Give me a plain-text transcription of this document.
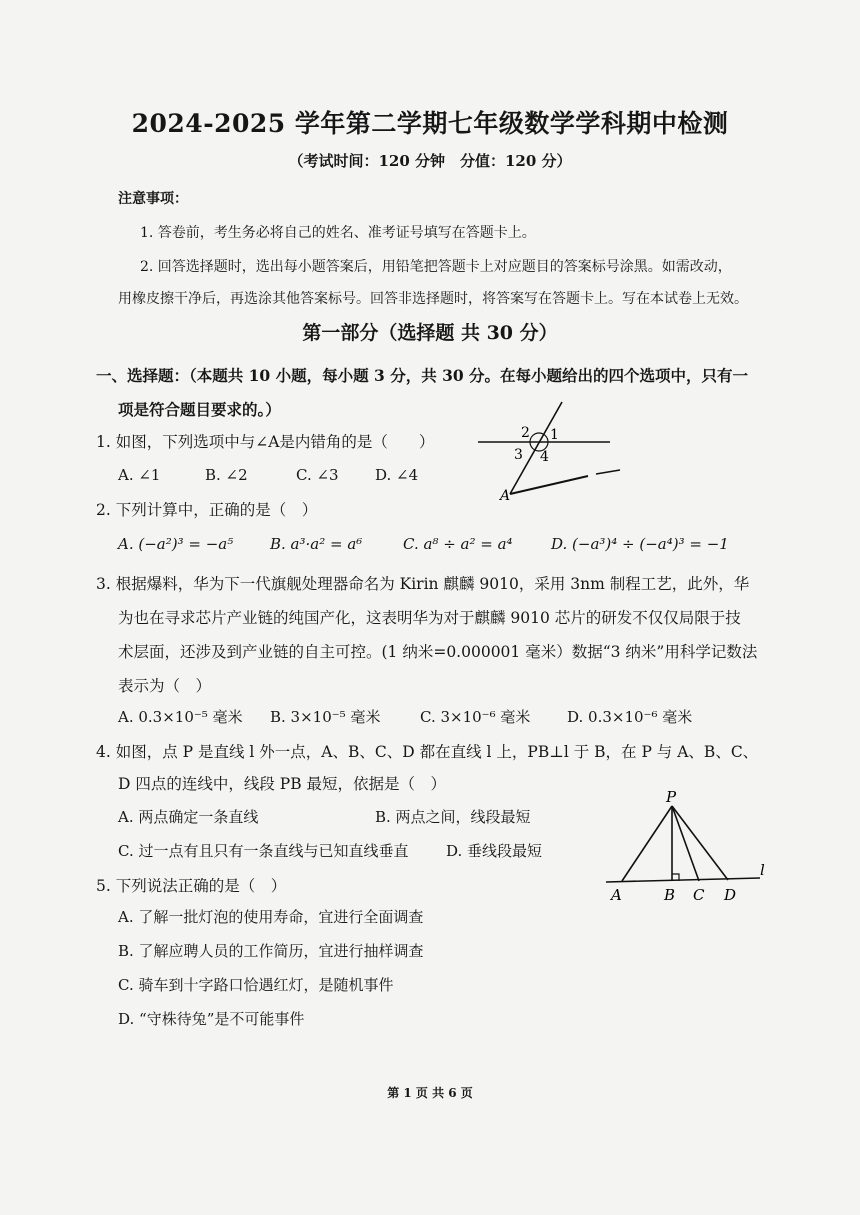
2024-2025 学年第二学期七年级数学学科期中检测
（考试时间：120 分钟　分值：120 分）
注意事项：
1. 答卷前，考生务必将自己的姓名、准考证号填写在答题卡上。
2. 回答选择题时，选出每小题答案后，用铅笔把答题卡上对应题目的答案标号涂黑。如需改动，
用橡皮擦干净后，再选涂其他答案标号。回答非选择题时，将答案写在答题卡上。写在本试卷上无效。
第一部分（选择题 共 30 分）
一、选择题：（本题共 10 小题，每小题 3 分，共 30 分。在每小题给出的四个选项中，只有一
项是符合题目要求的。）
1. 如图，下列选项中与∠A是内错角的是（　　）
A. ∠1	B. ∠2	C. ∠3 D. ∠4
2 1
3 4
A
2. 下列计算中，正确的是（　）
A. (−a²)³ = −a⁵ B. a³·a² = a⁶	C. a⁸ ÷ a² = a⁴	D. (−a³)⁴ ÷ (−a⁴)³ = −1
3. 根据爆料，华为下一代旗舰处理器命名为 Kirin 麒麟 9010，采用 3nm 制程工艺，此外，华
为也在寻求芯片产业链的纯国产化，这表明华为对于麒麟 9010 芯片的研发不仅仅局限于技
术层面，还涉及到产业链的自主可控。(1 纳米=0.000001 毫米）数据“3 纳米”用科学记数法
表示为（　）
A. 0.3×10⁻⁵ 毫米 B. 3×10⁻⁵ 毫米	C. 3×10⁻⁶ 毫米 D. 0.3×10⁻⁶ 毫米
4. 如图，点 P 是直线 l 外一点，A、B、C、D 都在直线 l 上，PB⊥l 于 B，在 P 与 A、B、C、
D 四点的连线中，线段 PB 最短，依据是（　）
A. 两点确定一条直线	B. 两点之间，线段最短
C. 过一点有且只有一条直线与已知直线垂直	D. 垂线段最短
P
A	B C D
l
5. 下列说法正确的是（　）
A. 了解一批灯泡的使用寿命，宜进行全面调查
B. 了解应聘人员的工作简历，宜进行抽样调查
C. 骑车到十字路口恰遇红灯，是随机事件
D. “守株待兔”是不可能事件
第 1 页 共 6 页
